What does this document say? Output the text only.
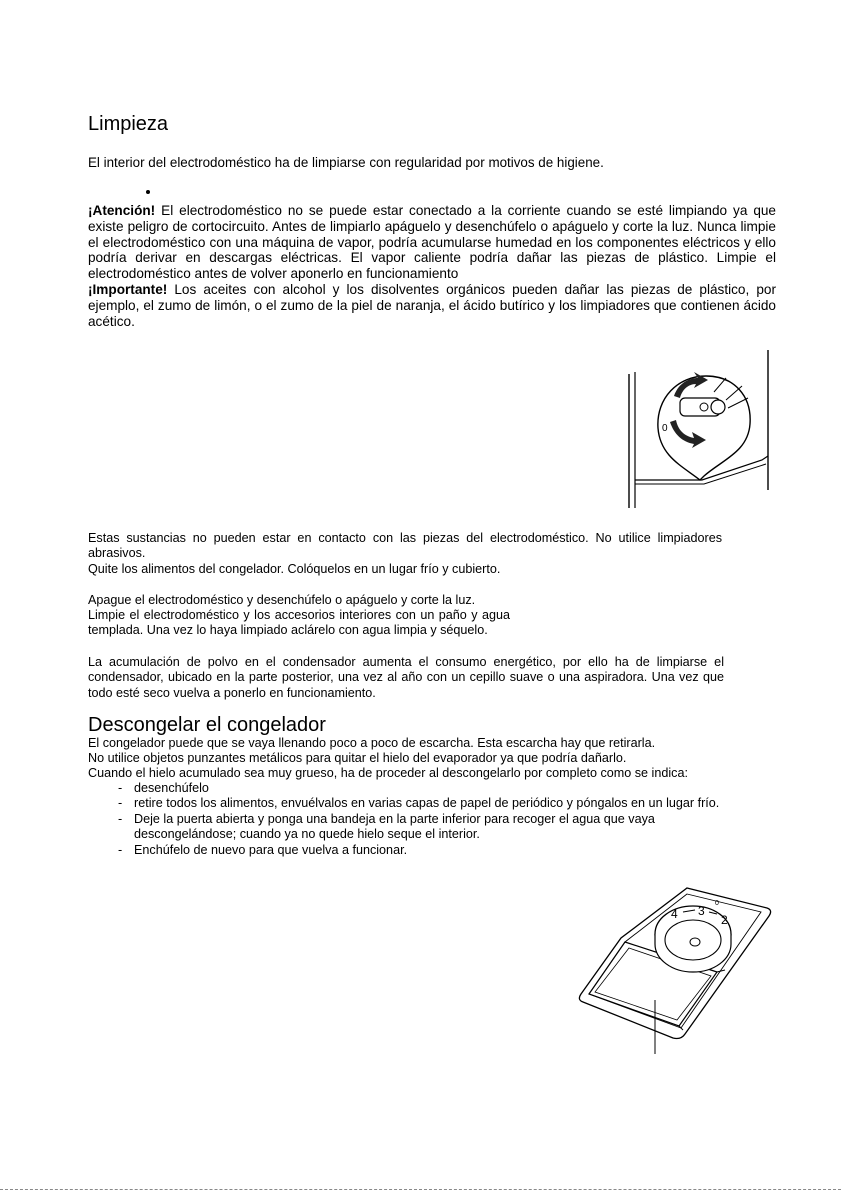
Limpieza

El interior del electrodoméstico ha de limpiarse con regularidad por motivos de higiene.

¡Atención! El electrodoméstico no se puede estar conectado a la corriente cuando se esté limpiando ya que existe peligro de cortocircuito. Antes de limpiarlo apáguelo y desenchúfelo o apáguelo y corte la luz. Nunca limpie el electrodoméstico con una máquina de vapor, podría acumularse humedad en los componentes eléctricos y ello podría derivar en descargas eléctricas. El vapor caliente podría dañar las piezas de plástico. Limpie el electrodoméstico antes de volver aponerlo en funcionamiento
¡Importante! Los aceites con alcohol y los disolventes orgánicos pueden dañar las piezas de plástico, por ejemplo, el zumo de limón, o el zumo de la piel de naranja, el ácido butírico y los limpiadores que contienen ácido acético.

0

Estas sustancias no pueden estar en contacto con las piezas del electrodoméstico. No utilice limpiadores abrasivos.

Quite los alimentos del congelador. Colóquelos en un lugar frío y cubierto.

Apague el electrodoméstico y desenchúfelo o apáguelo y corte la luz.

Limpie el electrodoméstico y los accesorios interiores con un paño y agua templada. Una vez lo haya limpiado aclárelo con agua limpia y séquelo.

La acumulación de polvo en el condensador aumenta el consumo energético, por ello ha de limpiarse el condensador, ubicado en la parte posterior, una vez al año con un cepillo suave o una aspiradora. Una vez que todo esté seco vuelva a ponerlo en funcionamiento.

Descongelar el congelador

El congelador puede que se vaya llenando poco a poco de escarcha. Esta escarcha hay que retirarla.

No utilice objetos punzantes metálicos para quitar el hielo del evaporador ya que podría dañarlo.

Cuando el hielo acumulado sea muy grueso, ha de proceder al descongelarlo por completo como se indica:

- desenchúfelo
- retire todos los alimentos, envuélvalos en varias capas de papel de periódico y póngalos en un lugar frío.
- Deje la puerta abierta y ponga una bandeja en la parte inferior para recoger el agua que vaya descongelándose; cuando ya no quede hielo seque el interior.
- Enchúfelo de nuevo para que vuelva a funcionar.
4 3
2
0
